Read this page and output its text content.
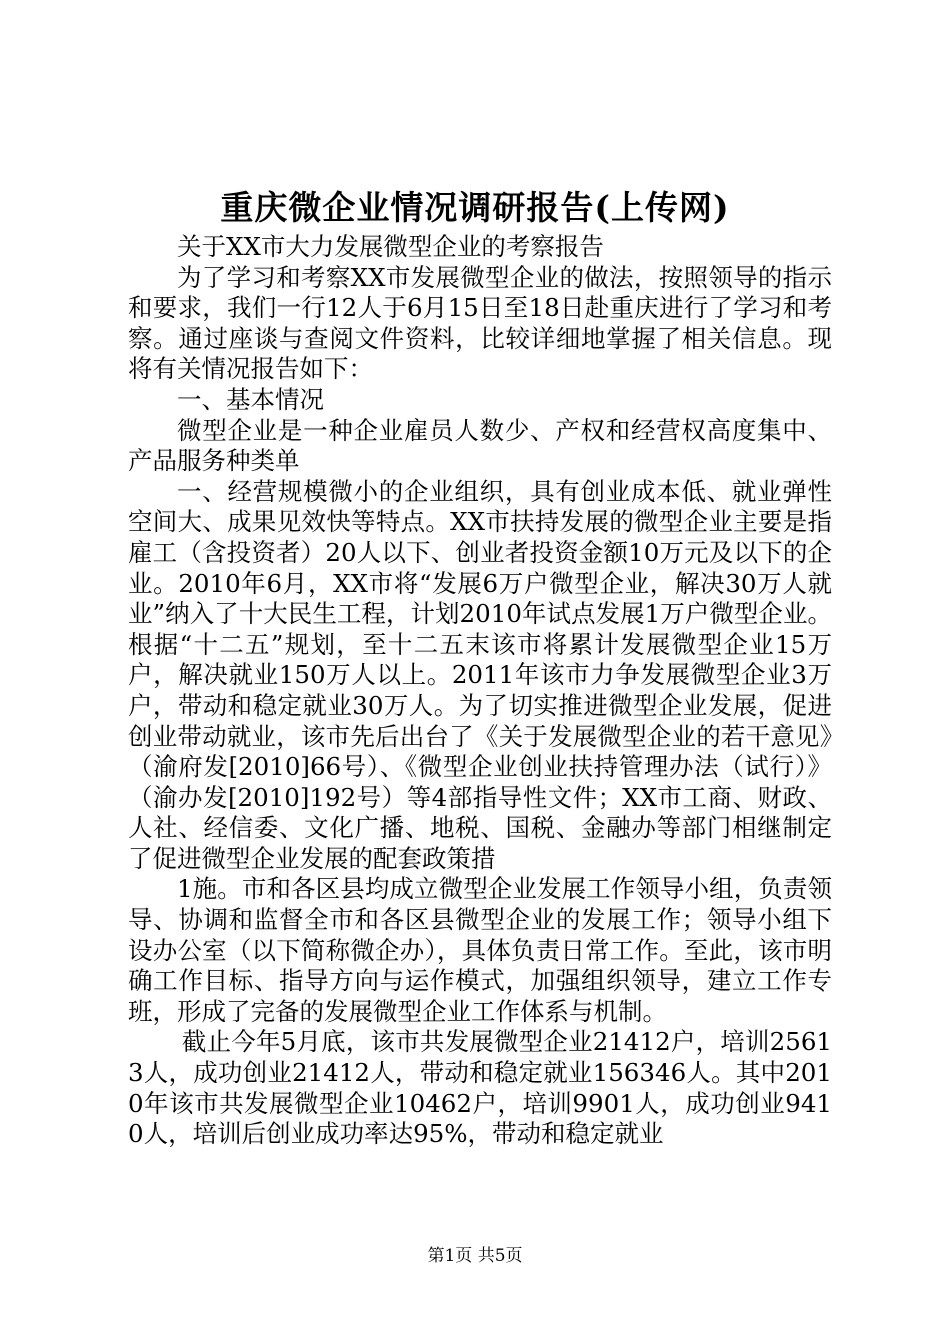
重庆微企业情况调研报告(上传网)

关于XX市大力发展微型企业的考察报告

为了学习和考察XX市发展微型企业的做法，按照领导的指示和要求，我们一行12人于6月15日至18日赴重庆进行了学习和考察。通过座谈与查阅文件资料，比较详细地掌握了相关信息。现将有关情况报告如下：

一、基本情况

微型企业是一种企业雇员人数少、产权和经营权高度集中、产品服务种类单

一、经营规模微小的企业组织，具有创业成本低、就业弹性空间大、成果见效快等特点。XX市扶持发展的微型企业主要是指雇工（含投资者）20人以下、创业者投资金额10万元及以下的企业。2010年6月，XX市将“发展6万户微型企业，解决30万人就业”纳入了十大民生工程，计划2010年试点发展1万户微型企业。根据“十二五”规划，至十二五末该市将累计发展微型企业15万户，解决就业150万人以上。2011年该市力争发展微型企业3万户，带动和稳定就业30万人。为了切实推进微型企业发展，促进创业带动就业，该市先后出台了《关于发展微型企业的若干意见》（渝府发[2010]66号）、《微型企业创业扶持管理办法（试行）》（渝办发[2010]192号）等4部指导性文件；XX市工商、财政、人社、经信委、文化广播、地税、国税、金融办等部门相继制定了促进微型企业发展的配套政策措

1施。市和各区县均成立微型企业发展工作领导小组，负责领导、协调和监督全市和各区县微型企业的发展工作；领导小组下设办公室（以下简称微企办），具体负责日常工作。至此，该市明确工作目标、指导方向与运作模式，加强组织领导，建立工作专班，形成了完备的发展微型企业工作体系与机制。

截止今年5月底，该市共发展微型企业21412户，培训25613人，成功创业21412人，带动和稳定就业156346人。其中2010年该市共发展微型企业10462户，培训9901人，成功创业9410人，培训后创业成功率达95%，带动和稳定就业

第1页 共5页
